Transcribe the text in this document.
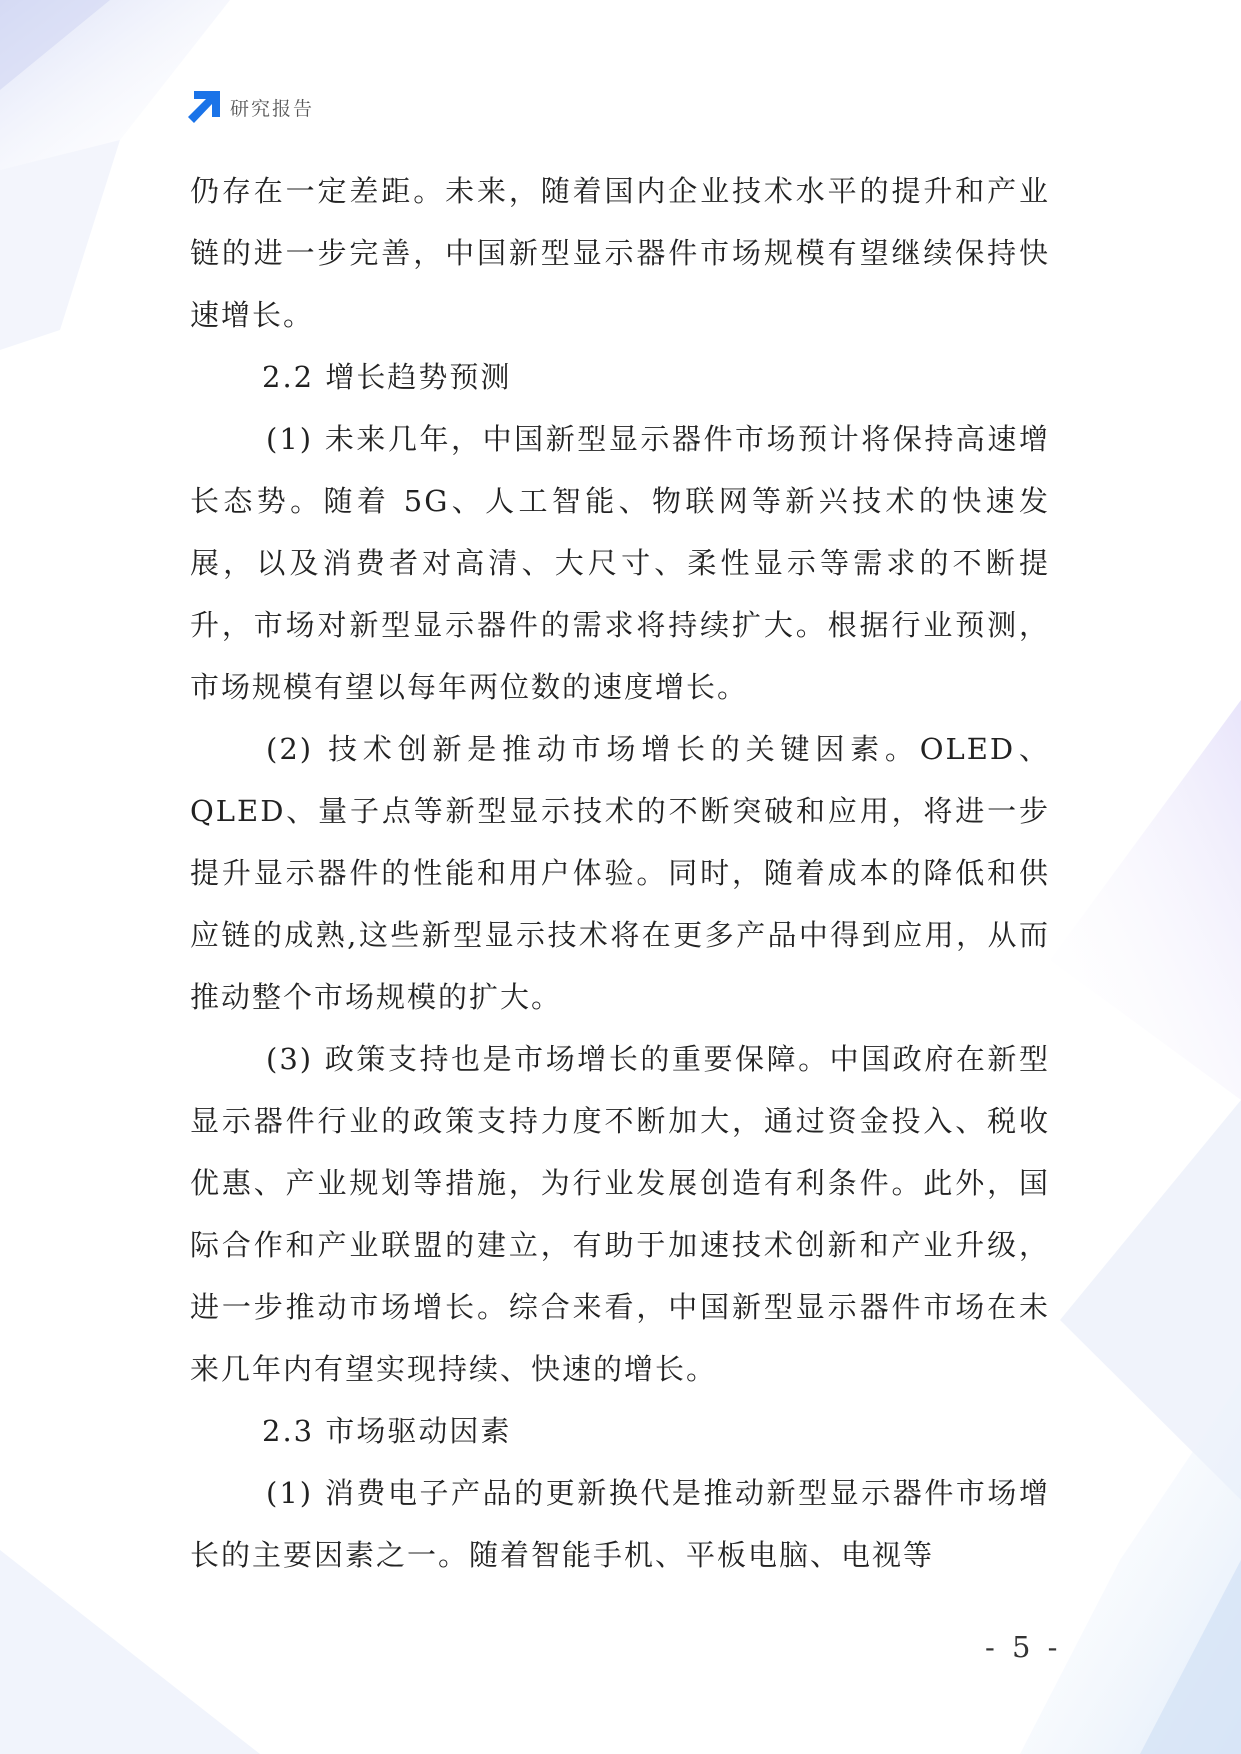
研究报告

仍存在一定差距。未来，随着国内企业技术水平的提升和产业链的进一步完善，中国新型显示器件市场规模有望继续保持快速增长。

2.2 增长趋势预测

(1) 未来几年，中国新型显示器件市场预计将保持高速增长态势。随着 5G、人工智能、物联网等新兴技术的快速发展，以及消费者对高清、大尺寸、柔性显示等需求的不断提升，市场对新型显示器件的需求将持续扩大。根据行业预测，市场规模有望以每年两位数的速度增长。

(2) 技术创新是推动市场增长的关键因素。OLED、QLED、量子点等新型显示技术的不断突破和应用，将进一步提升显示器件的性能和用户体验。同时，随着成本的降低和供应链的成熟,这些新型显示技术将在更多产品中得到应用，从而推动整个市场规模的扩大。

(3) 政策支持也是市场增长的重要保障。中国政府在新型显示器件行业的政策支持力度不断加大，通过资金投入、税收优惠、产业规划等措施，为行业发展创造有利条件。此外，国际合作和产业联盟的建立，有助于加速技术创新和产业升级，进一步推动市场增长。综合来看，中国新型显示器件市场在未来几年内有望实现持续、快速的增长。

2.3 市场驱动因素

(1) 消费电子产品的更新换代是推动新型显示器件市场增长的主要因素之一。随着智能手机、平板电脑、电视等

- 5 -
